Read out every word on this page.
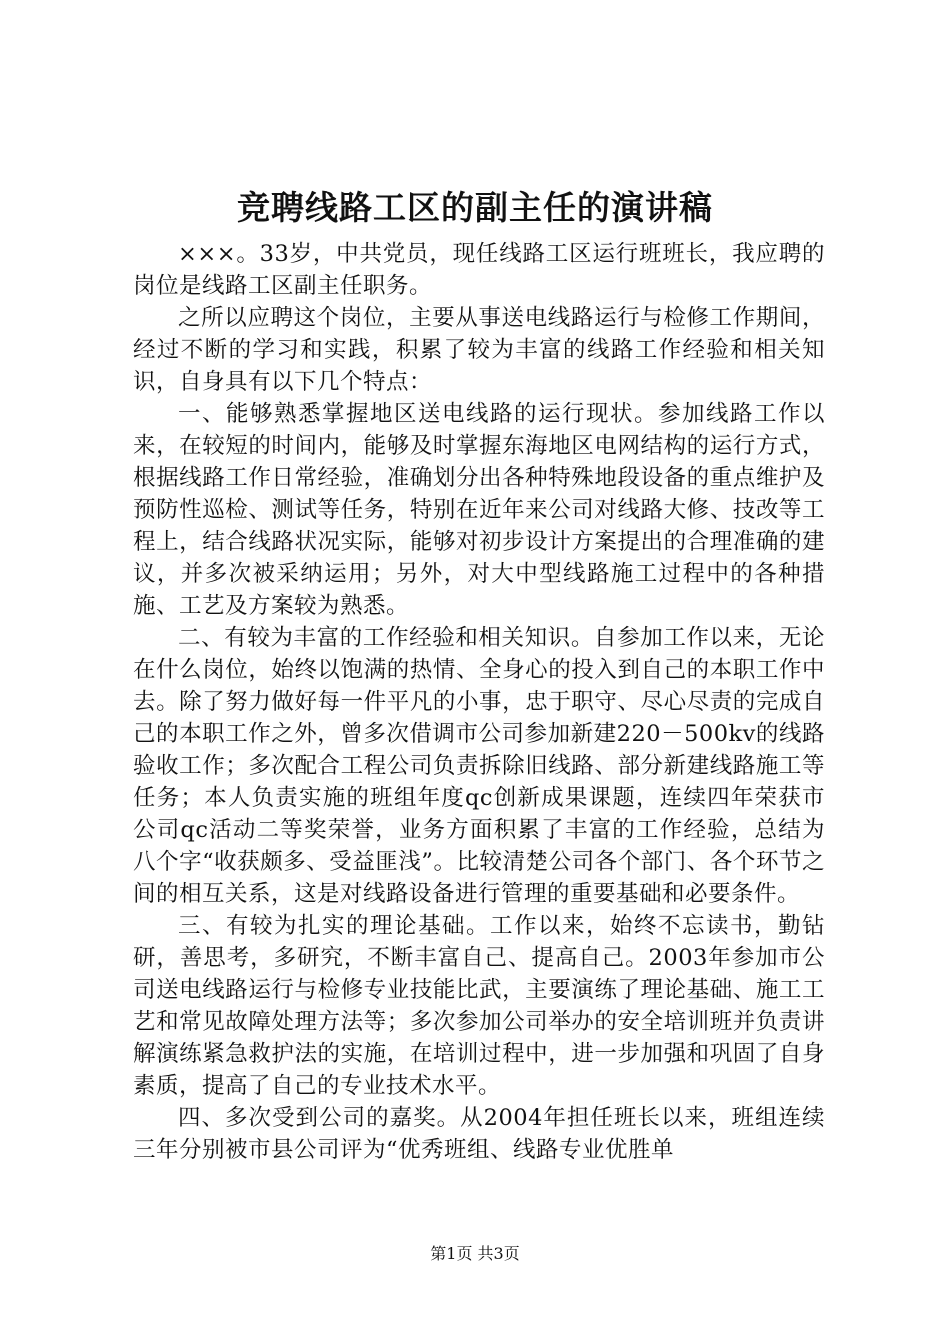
竞聘线路工区的副主任的演讲稿

×××。33岁，中共党员，现任线路工区运行班班长，我应聘的岗位是线路工区副主任职务。

之所以应聘这个岗位，主要从事送电线路运行与检修工作期间，经过不断的学习和实践，积累了较为丰富的线路工作经验和相关知识，自身具有以下几个特点：

一、能够熟悉掌握地区送电线路的运行现状。参加线路工作以来，在较短的时间内，能够及时掌握东海地区电网结构的运行方式，根据线路工作日常经验，准确划分出各种特殊地段设备的重点维护及预防性巡检、测试等任务，特别在近年来公司对线路大修、技改等工程上，结合线路状况实际，能够对初步设计方案提出的合理准确的建议，并多次被采纳运用；另外，对大中型线路施工过程中的各种措施、工艺及方案较为熟悉。

二、有较为丰富的工作经验和相关知识。自参加工作以来，无论在什么岗位，始终以饱满的热情、全身心的投入到自己的本职工作中去。除了努力做好每一件平凡的小事，忠于职守、尽心尽责的完成自己的本职工作之外，曾多次借调市公司参加新建220－500kv的线路验收工作；多次配合工程公司负责拆除旧线路、部分新建线路施工等任务；本人负责实施的班组年度qc创新成果课题，连续四年荣获市公司qc活动二等奖荣誉，业务方面积累了丰富的工作经验，总结为八个字“收获颇多、受益匪浅”。比较清楚公司各个部门、各个环节之间的相互关系，这是对线路设备进行管理的重要基础和必要条件。

三、有较为扎实的理论基础。工作以来，始终不忘读书，勤钻研，善思考，多研究，不断丰富自己、提高自己。2003年参加市公司送电线路运行与检修专业技能比武，主要演练了理论基础、施工工艺和常见故障处理方法等；多次参加公司举办的安全培训班并负责讲解演练紧急救护法的实施，在培训过程中，进一步加强和巩固了自身素质，提高了自己的专业技术水平。

四、多次受到公司的嘉奖。从2004年担任班长以来，班组连续三年分别被市县公司评为“优秀班组、线路专业优胜单

第1页 共3页
